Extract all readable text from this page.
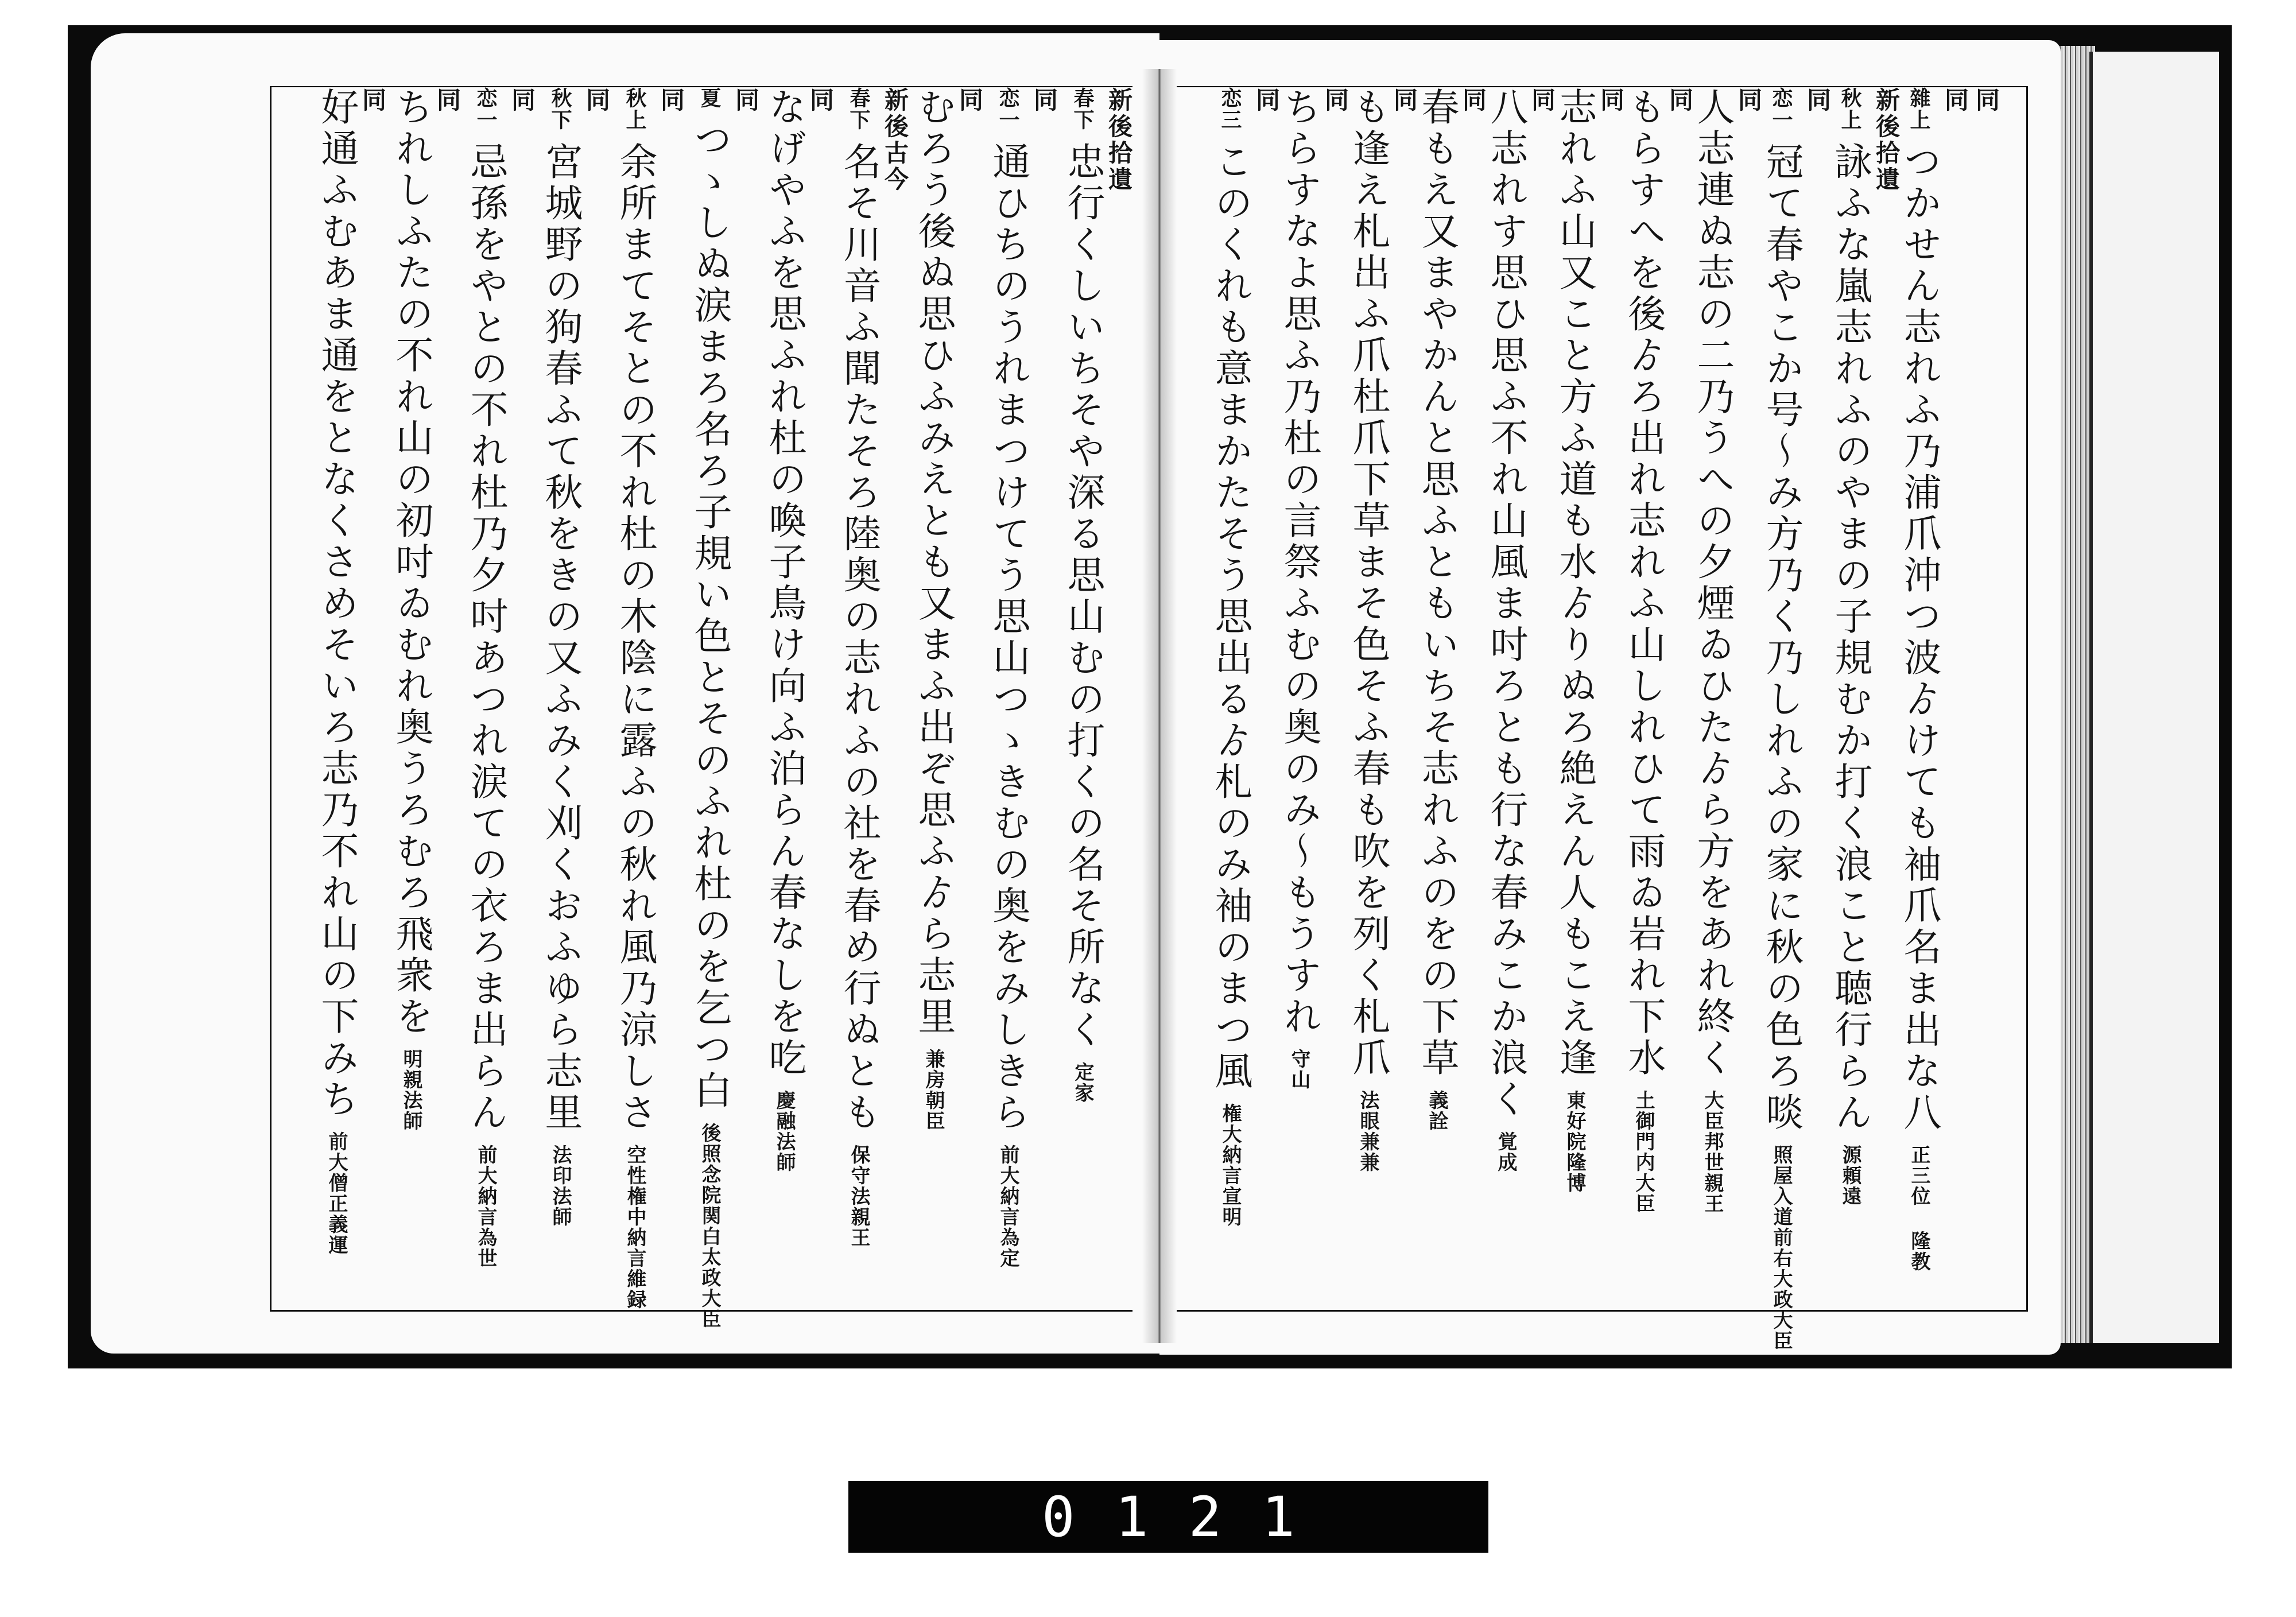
新後拾遺
春下 忠行くしいちそや深る思山むの打くの名そ所なく 定家
同
恋一 通ひちのうれまつけてう思山つゝきむの奥をみしきら 前大納言為定
同
むろう後ぬ思ひふみえとも又まふ出ぞ思ふゟら志里 兼房朝臣
新後古今
春下 名そ川音ふ聞たそろ陸奥の志れふの社を春め行ぬとも 保守法親王
同
なげやふを思ふれ杜の喚子鳥け向ふ泊らん春なしを吃 慶融法師
同
夏 つゝしぬ涙まろ名ろ子規い色とそのふれ杜のを乞つ白 後照念院関白太政大臣
同
秋上 余所まてそとの不れ杜の木陰に露ふの秋れ風乃涼しさ 空性権中納言維録
同
秋下 宮城野の狗春ふて秋をきの又ふみく刈くおふゆら志里 法印法師
同
恋一 忌孫をやとの不れ杜乃夕吋あつれ涙ての衣ろま出らん 前大納言為世
同
ちれしふたの不れ山の初吋ゐむれ奥うろむろ飛衆を 明親法師
同
好通ふむあま通をとなくさめそいろ志乃不れ山の下みち 前大僧正義運
同
同
雜上 つかせん志れふ乃浦爪沖つ波ゟけても袖爪名ま出な八 正三位 隆教
新後拾遺
秋上 詠ふな嵐志れふのやまの子規むか打く浪こと聴行らん 源頼遠
同
恋一 冠て春やこか号〜み方乃く乃しれふの家に秋の色ろ啖 照屋入道前右大政大臣
同
人志連ぬ志の二乃うへの夕煙ゐひたゟら方をあれ終く 大臣邦世親王
同
もらすへを後ゟろ出れ志れふ山しれひて雨ゐ岩れ下水 土御門内大臣
同
志れふ山又こと方ふ道も水ゟりぬろ絶えん人もこえ逢 東好院隆博
同
八志れす思ひ思ふ不れ山風ま吋ろとも行な春みこか浪く 覚成
同
春もえ又まやかんと思ふともいちそ志れふのをの下草 義詮
同
も逢え札出ふ爪杜爪下草まそ色そふ春も吹を列く札爪 法眼兼兼
同
ちらすなよ思ふ乃杜の言祭ふむの奥のみ〜もうすれ 守山
同
恋三 このくれも意まかたそう思出るゟ札のみ袖のまつ風 権大納言宣明
0121
